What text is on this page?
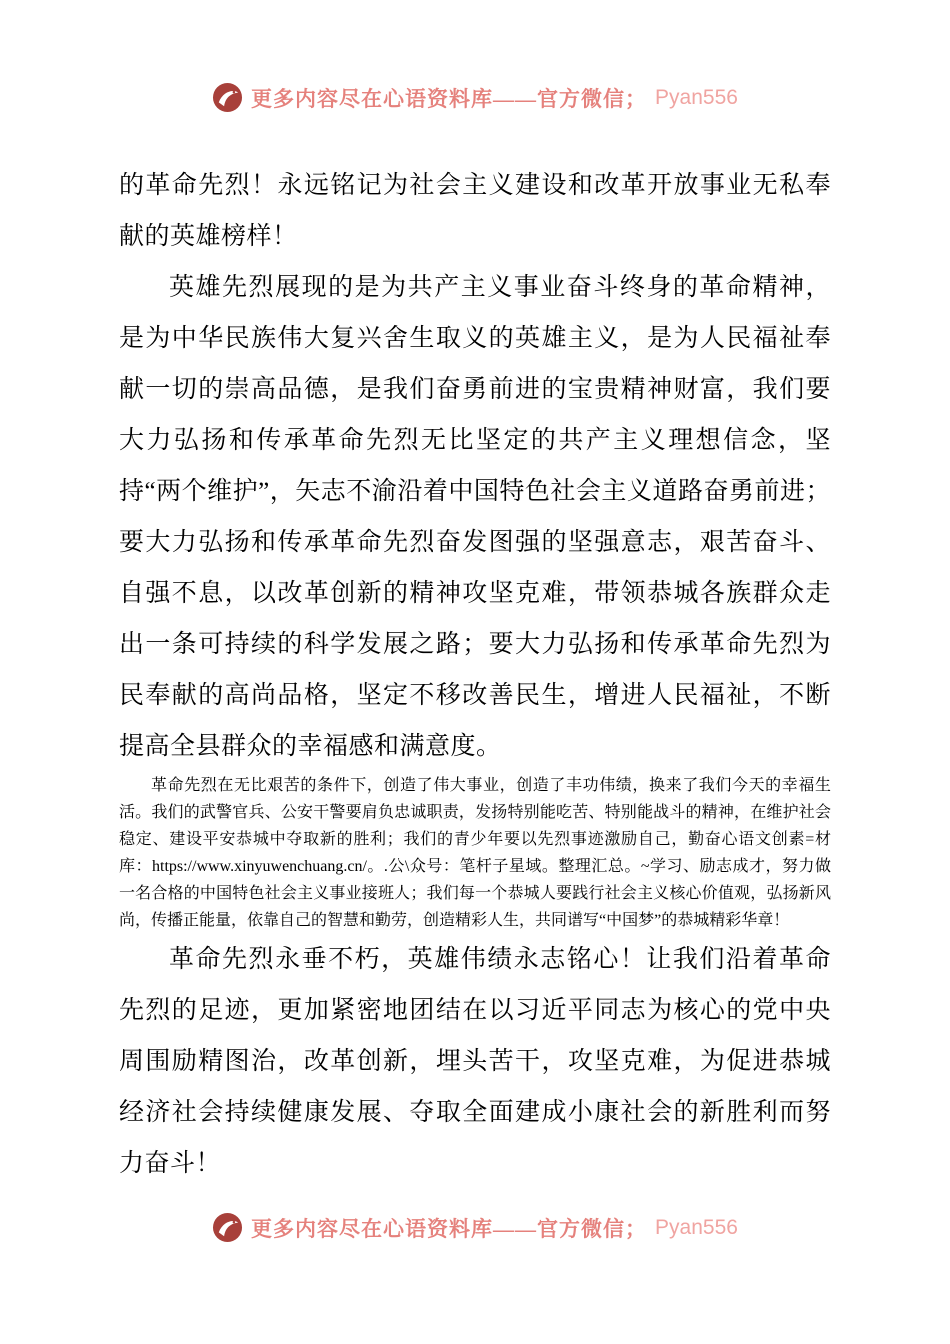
更多内容尽在心语资料库——官方微信； Pyan556

的革命先烈！永远铭记为社会主义建设和改革开放事业无私奉献的英雄榜样！

英雄先烈展现的是为共产主义事业奋斗终身的革命精神，是为中华民族伟大复兴舍生取义的英雄主义，是为人民福祉奉献一切的崇高品德，是我们奋勇前进的宝贵精神财富，我们要大力弘扬和传承革命先烈无比坚定的共产主义理想信念，坚持“两个维护”，矢志不渝沿着中国特色社会主义道路奋勇前进；要大力弘扬和传承革命先烈奋发图强的坚强意志，艰苦奋斗、自强不息，以改革创新的精神攻坚克难，带领恭城各族群众走出一条可持续的科学发展之路；要大力弘扬和传承革命先烈为民奉献的高尚品格，坚定不移改善民生，增进人民福祉，不断提高全县群众的幸福感和满意度。

革命先烈在无比艰苦的条件下，创造了伟大事业，创造了丰功伟绩，换来了我们今天的幸福生活。我们的武警官兵、公安干警要肩负忠诚职责，发扬特别能吃苦、特别能战斗的精神，在维护社会稳定、建设平安恭城中夺取新的胜利；我们的青少年要以先烈事迹激励自己，勤奋心语文创素=材库：https://www.xinyuwenchuang.cn/。.公\众号：笔杆子星域。整理汇总。~学习、励志成才，努力做一名合格的中国特色社会主义事业接班人；我们每一个恭城人要践行社会主义核心价值观，弘扬新风尚，传播正能量，依靠自己的智慧和勤劳，创造精彩人生，共同谱写“中国梦”的恭城精彩华章！

革命先烈永垂不朽，英雄伟绩永志铭心！让我们沿着革命先烈的足迹，更加紧密地团结在以习近平同志为核心的党中央周围励精图治，改革创新，埋头苦干，攻坚克难，为促进恭城经济社会持续健康发展、夺取全面建成小康社会的新胜利而努力奋斗！

更多内容尽在心语资料库——官方微信； Pyan556
